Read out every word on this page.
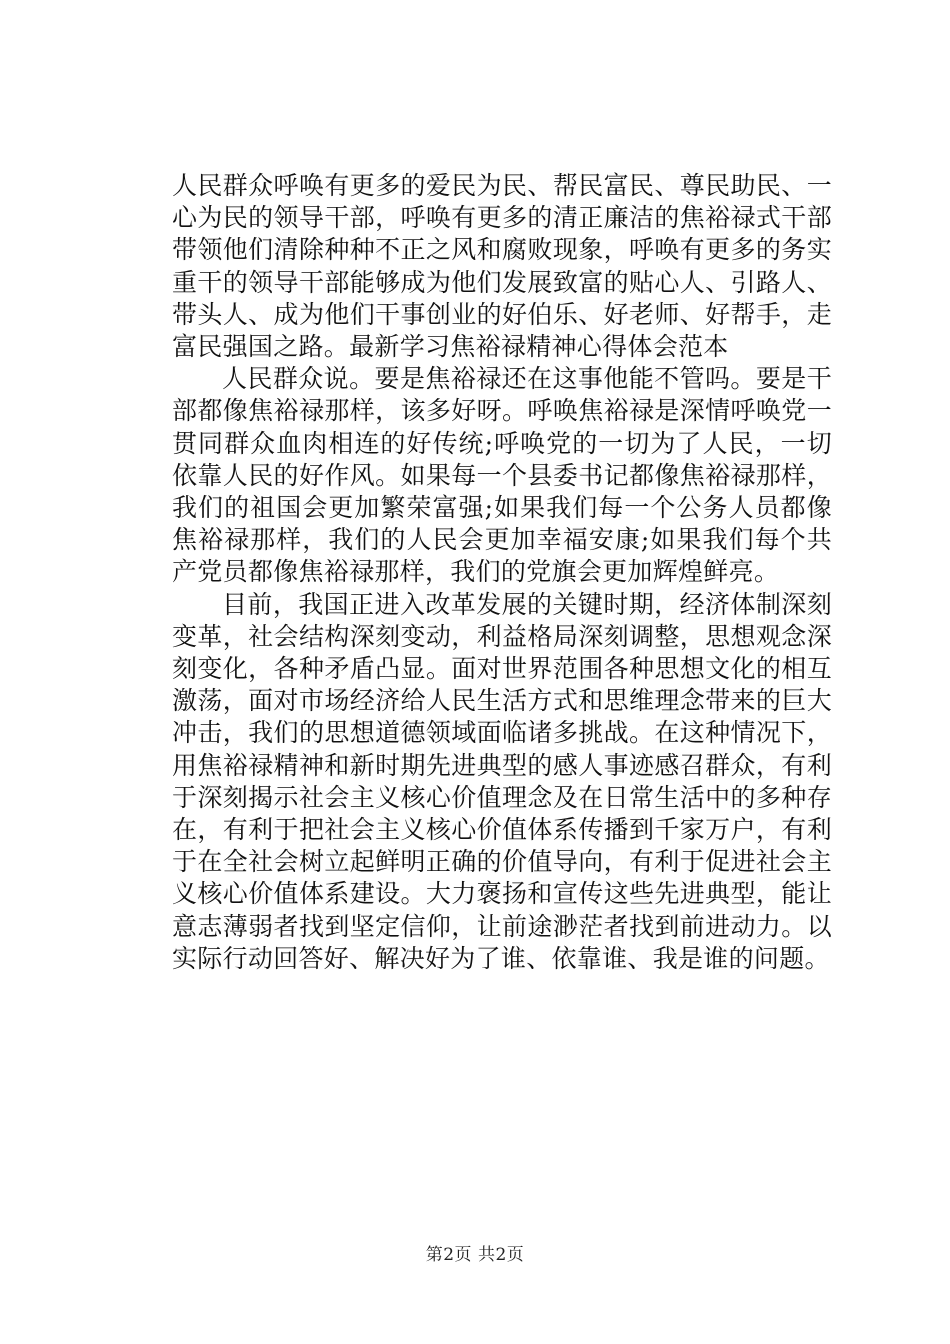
人民群众呼唤有更多的爱民为民、帮民富民、尊民助民、一心为民的领导干部，呼唤有更多的清正廉洁的焦裕禄式干部带领他们清除种种不正之风和腐败现象，呼唤有更多的务实重干的领导干部能够成为他们发展致富的贴心人、引路人、带头人、成为他们干事创业的好伯乐、好老师、好帮手，走富民强国之路。最新学习焦裕禄精神心得体会范本

人民群众说。要是焦裕禄还在这事他能不管吗。要是干部都像焦裕禄那样，该多好呀。呼唤焦裕禄是深情呼唤党一贯同群众血肉相连的好传统;呼唤党的一切为了人民，一切依靠人民的好作风。如果每一个县委书记都像焦裕禄那样，我们的祖国会更加繁荣富强;如果我们每一个公务人员都像焦裕禄那样，我们的人民会更加幸福安康;如果我们每个共产党员都像焦裕禄那样，我们的党旗会更加辉煌鲜亮。

目前，我国正进入改革发展的关键时期，经济体制深刻变革，社会结构深刻变动，利益格局深刻调整，思想观念深刻变化，各种矛盾凸显。面对世界范围各种思想文化的相互激荡，面对市场经济给人民生活方式和思维理念带来的巨大冲击，我们的思想道德领域面临诸多挑战。在这种情况下，用焦裕禄精神和新时期先进典型的感人事迹感召群众，有利于深刻揭示社会主义核心价值理念及在日常生活中的多种存在，有利于把社会主义核心价值体系传播到千家万户，有利于在全社会树立起鲜明正确的价值导向，有利于促进社会主义核心价值体系建设。大力褒扬和宣传这些先进典型，能让意志薄弱者找到坚定信仰，让前途渺茫者找到前进动力。以实际行动回答好、解决好为了谁、依靠谁、我是谁的问题。

第2页 共2页
